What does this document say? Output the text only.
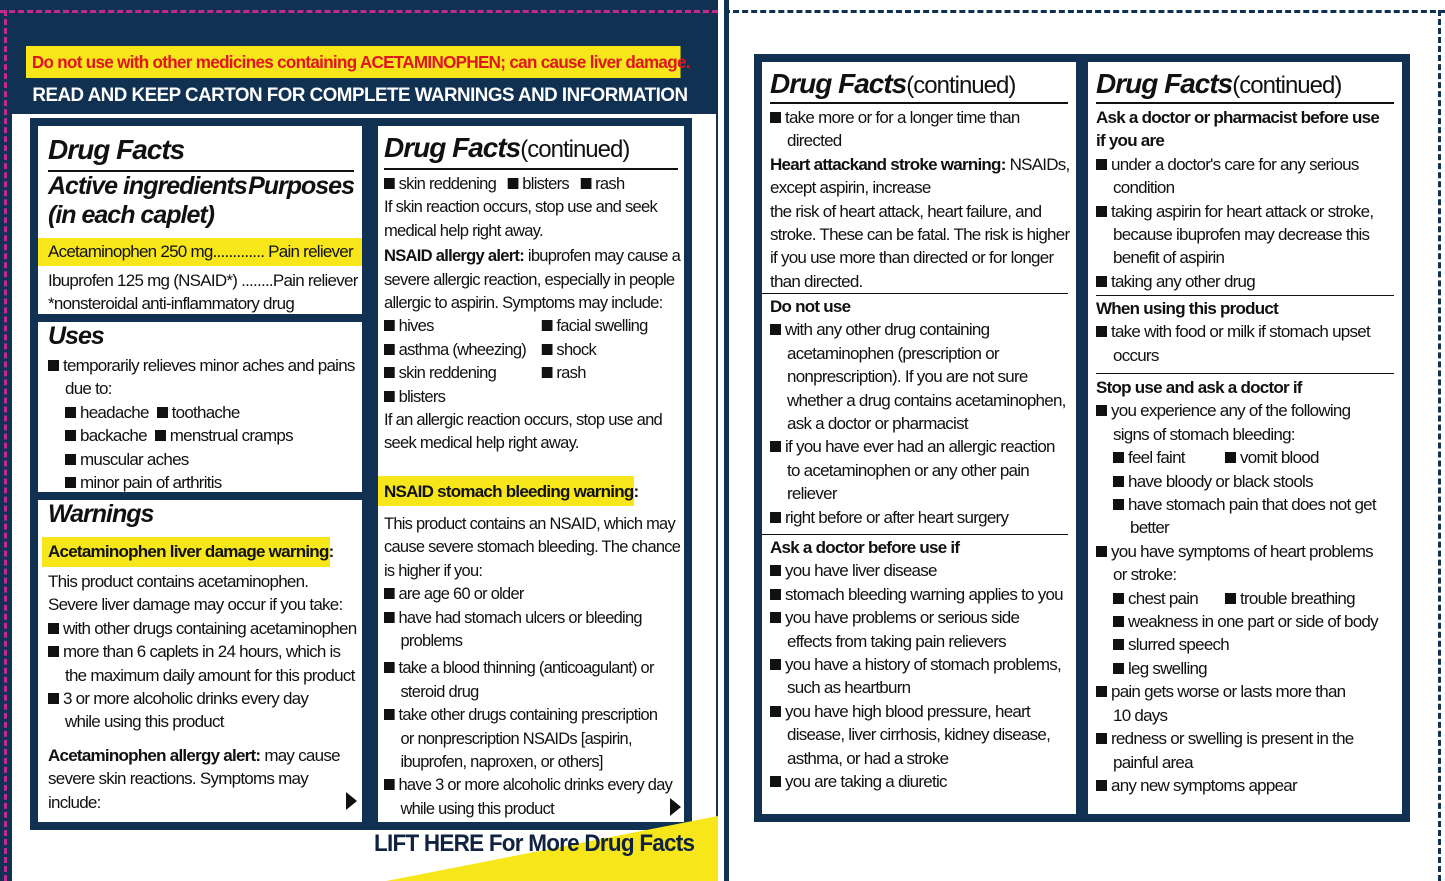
Do not use with other medicines containing ACETAMINOPHEN; can cause liver damage.
READ AND KEEP CARTON FOR COMPLETE WARNINGS AND INFORMATION
Drug Facts
Active ingredients Purposes
(in each caplet)
Acetaminophen 250 mg............. Pain reliever
Ibuprofen 125 mg (NSAID*) ........Pain reliever
*nonsteroidal anti-inflammatory drug
Uses
temporarily relieves minor aches and pains
due to:
headache toothache
backache menstrual cramps
muscular aches
minor pain of arthritis
Warnings
Acetaminophen liver damage warning:
This product contains acetaminophen.
Severe liver damage may occur if you take:
with other drugs containing acetaminophen
more than 6 caplets in 24 hours, which is
the maximum daily amount for this product
3 or more alcoholic drinks every day
while using this product
Acetaminophen allergy alert: may cause
severe skin reactions. Symptoms may
include:
Drug Facts(continued)
skin reddening blisters rash
If skin reaction occurs, stop use and seek
medical help right away.
NSAID allergy alert: ibuprofen may cause a
severe allergic reaction, especially in people
allergic to aspirin. Symptoms may include:
hives	facial swelling
asthma (wheezing) shock
skin reddening	rash
blisters
If an allergic reaction occurs, stop use and
seek medical help right away.
NSAID stomach bleeding warning:
This product contains an NSAID, which may
cause severe stomach bleeding. The chance
is higher if you:
are age 60 or older
have had stomach ulcers or bleeding
problems
take a blood thinning (anticoagulant) or
steroid drug
take other drugs containing prescription
or nonprescription NSAIDs [aspirin,
ibuprofen, naproxen, or others]
have 3 or more alcoholic drinks every day
while using this product
LIFT HERE For More Drug Facts
Drug Facts(continued)
take more or for a longer time than
directed
Heart attackand stroke warning: NSAIDs,
except aspirin, increase
the risk of heart attack, heart failure, and
stroke. These can be fatal. The risk is higher
if you use more than directed or for longer
than directed.
Do not use
with any other drug containing
acetaminophen (prescription or
nonprescription). If you are not sure
whether a drug contains acetaminophen,
ask a doctor or pharmacist
if you have ever had an allergic reaction
to acetaminophen or any other pain
reliever
right before or after heart surgery
Ask a doctor before use if
you have liver disease
stomach bleeding warning applies to you
you have problems or serious side
effects from taking pain relievers
you have a history of stomach problems,
such as heartburn
you have high blood pressure, heart
disease, liver cirrhosis, kidney disease,
asthma, or had a stroke
you are taking a diuretic
Drug Facts(continued)
Ask a doctor or pharmacist before use
if you are
under a doctor's care for any serious
condition
taking aspirin for heart attack or stroke,
because ibuprofen may decrease this
benefit of aspirin
taking any other drug
When using this product
take with food or milk if stomach upset
occurs
Stop use and ask a doctor if
you experience any of the following
signs of stomach bleeding:
feel faint	vomit blood
have bloody or black stools
have stomach pain that does not get
better
you have symptoms of heart problems
or stroke:
chest pain trouble breathing
weakness in one part or side of body
slurred speech
leg swelling
pain gets worse or lasts more than
10 days
redness or swelling is present in the
painful area
any new symptoms appear
